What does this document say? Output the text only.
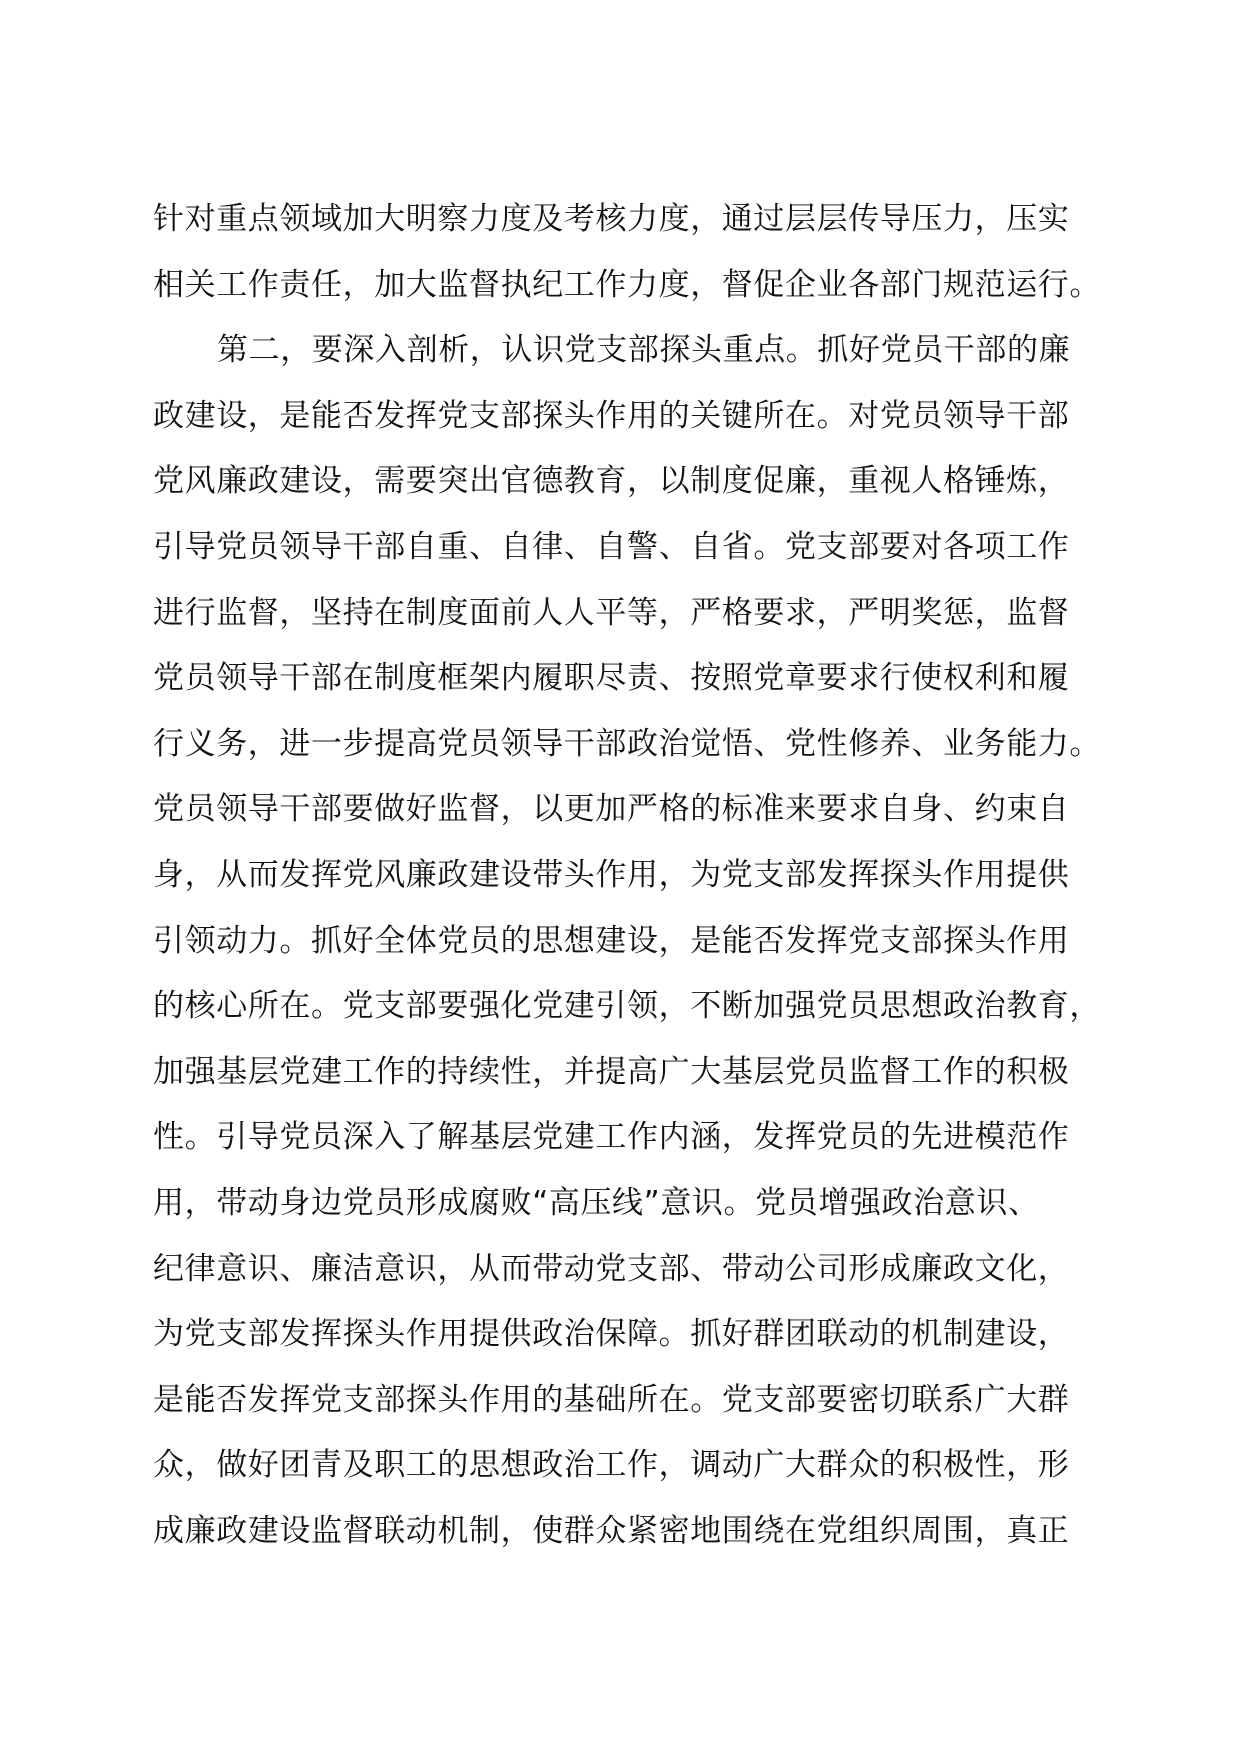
针对重点领域加大明察力度及考核力度，通过层层传导压力，压实
相关工作责任，加大监督执纪工作力度，督促企业各部门规范运行。
第二，要深入剖析，认识党支部探头重点。抓好党员干部的廉
政建设，是能否发挥党支部探头作用的关键所在。对党员领导干部
党风廉政建设，需要突出官德教育，以制度促廉，重视人格锤炼，
引导党员领导干部自重、自律、自警、自省。党支部要对各项工作
进行监督，坚持在制度面前人人平等，严格要求，严明奖惩，监督
党员领导干部在制度框架内履职尽责、按照党章要求行使权利和履
行义务，进一步提高党员领导干部政治觉悟、党性修养、业务能力。
党员领导干部要做好监督，以更加严格的标准来要求自身、约束自
身，从而发挥党风廉政建设带头作用，为党支部发挥探头作用提供
引领动力。抓好全体党员的思想建设，是能否发挥党支部探头作用
的核心所在。党支部要强化党建引领，不断加强党员思想政治教育，
加强基层党建工作的持续性，并提高广大基层党员监督工作的积极
性。引导党员深入了解基层党建工作内涵，发挥党员的先进模范作
用，带动身边党员形成腐败“高压线”意识。党员增强政治意识、
纪律意识、廉洁意识，从而带动党支部、带动公司形成廉政文化，
为党支部发挥探头作用提供政治保障。抓好群团联动的机制建设，
是能否发挥党支部探头作用的基础所在。党支部要密切联系广大群
众，做好团青及职工的思想政治工作，调动广大群众的积极性，形
成廉政建设监督联动机制，使群众紧密地围绕在党组织周围，真正
